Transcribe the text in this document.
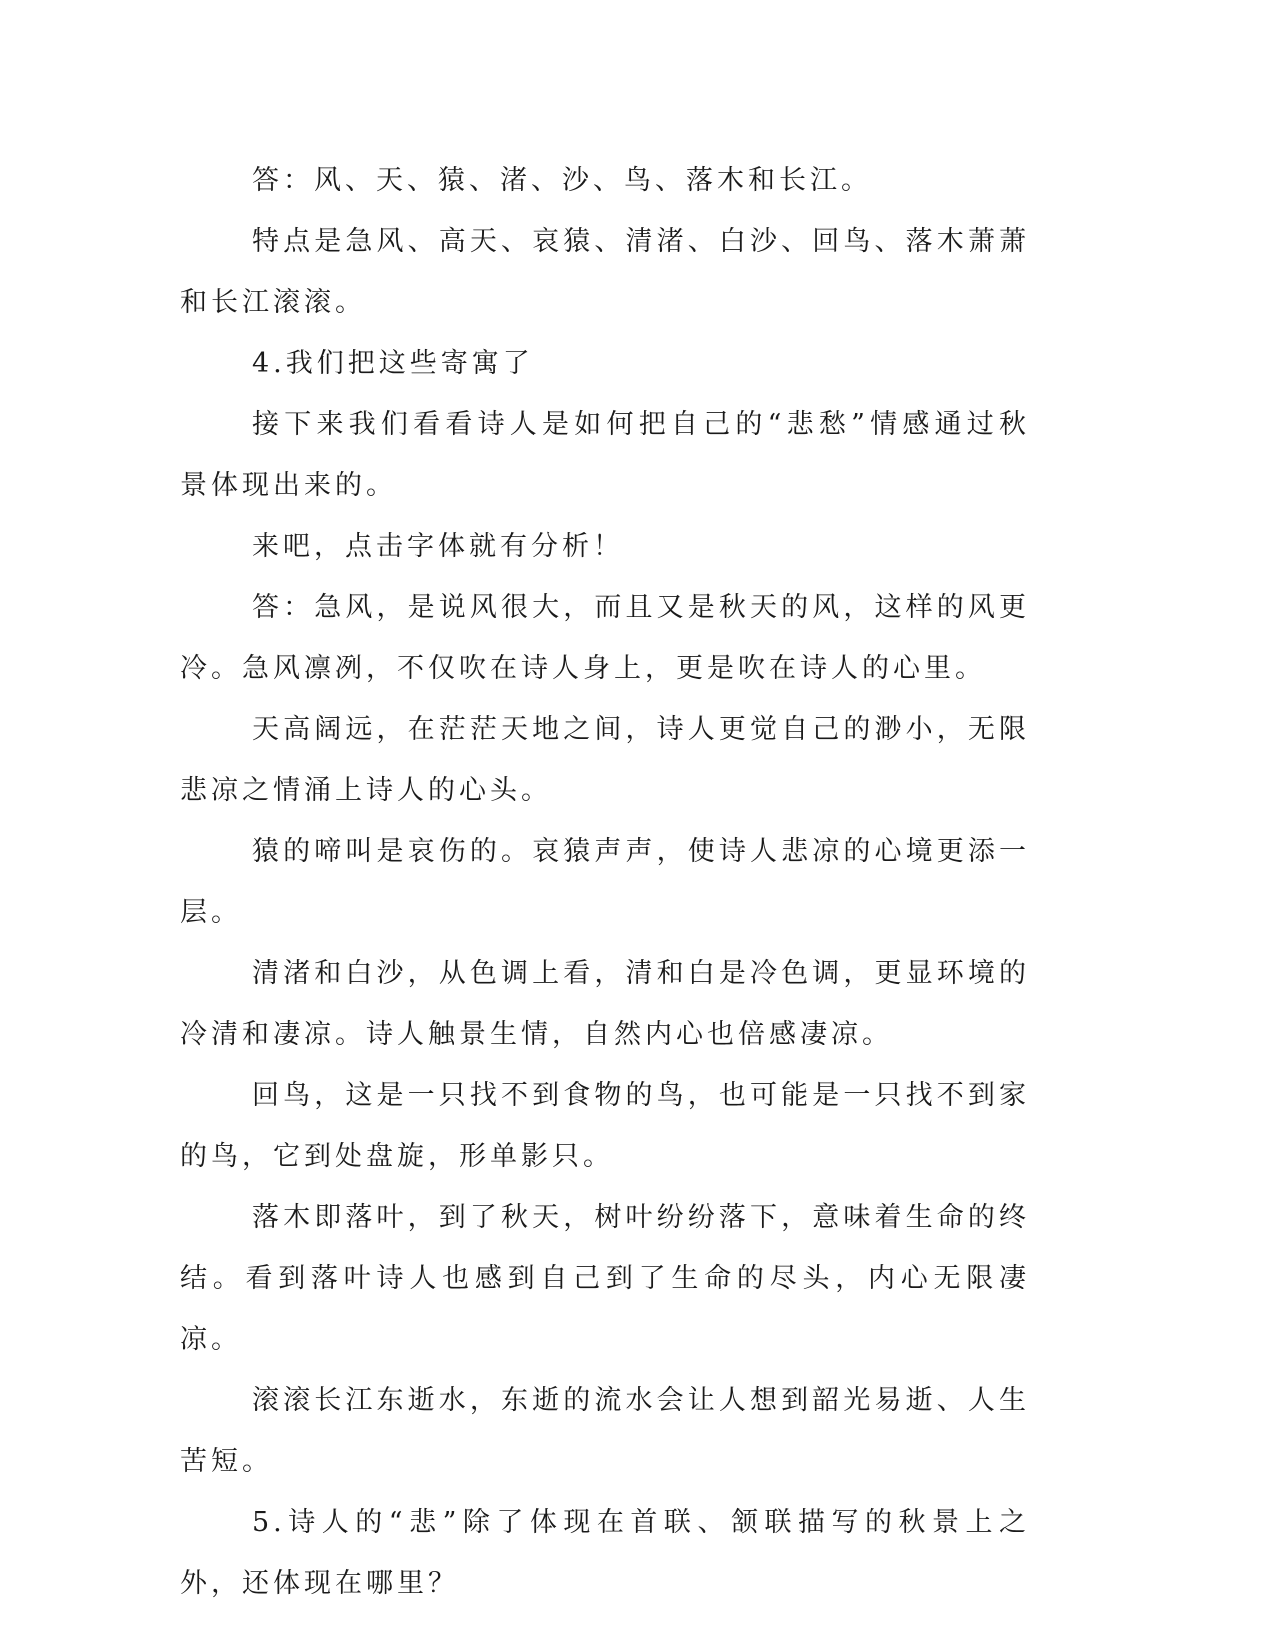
答：风、天、猿、渚、沙、鸟、落木和长江。

特点是急风、高天、哀猿、清渚、白沙、回鸟、落木萧萧和长江滚滚。

4.我们把这些寄寓了

接下来我们看看诗人是如何把自己的“悲愁”情感通过秋景体现出来的。

来吧，点击字体就有分析！

答：急风，是说风很大，而且又是秋天的风，这样的风更冷。急风凛冽，不仅吹在诗人身上，更是吹在诗人的心里。

天高阔远，在茫茫天地之间，诗人更觉自己的渺小，无限悲凉之情涌上诗人的心头。

猿的啼叫是哀伤的。哀猿声声，使诗人悲凉的心境更添一层。

清渚和白沙，从色调上看，清和白是冷色调，更显环境的冷清和凄凉。诗人触景生情，自然内心也倍感凄凉。

回鸟，这是一只找不到食物的鸟，也可能是一只找不到家的鸟，它到处盘旋，形单影只。

落木即落叶，到了秋天，树叶纷纷落下，意味着生命的终结。看到落叶诗人也感到自己到了生命的尽头，内心无限凄凉。

滚滚长江东逝水，东逝的流水会让人想到韶光易逝、人生苦短。

5.诗人的“悲”除了体现在首联、颔联描写的秋景上之外，还体现在哪里？
